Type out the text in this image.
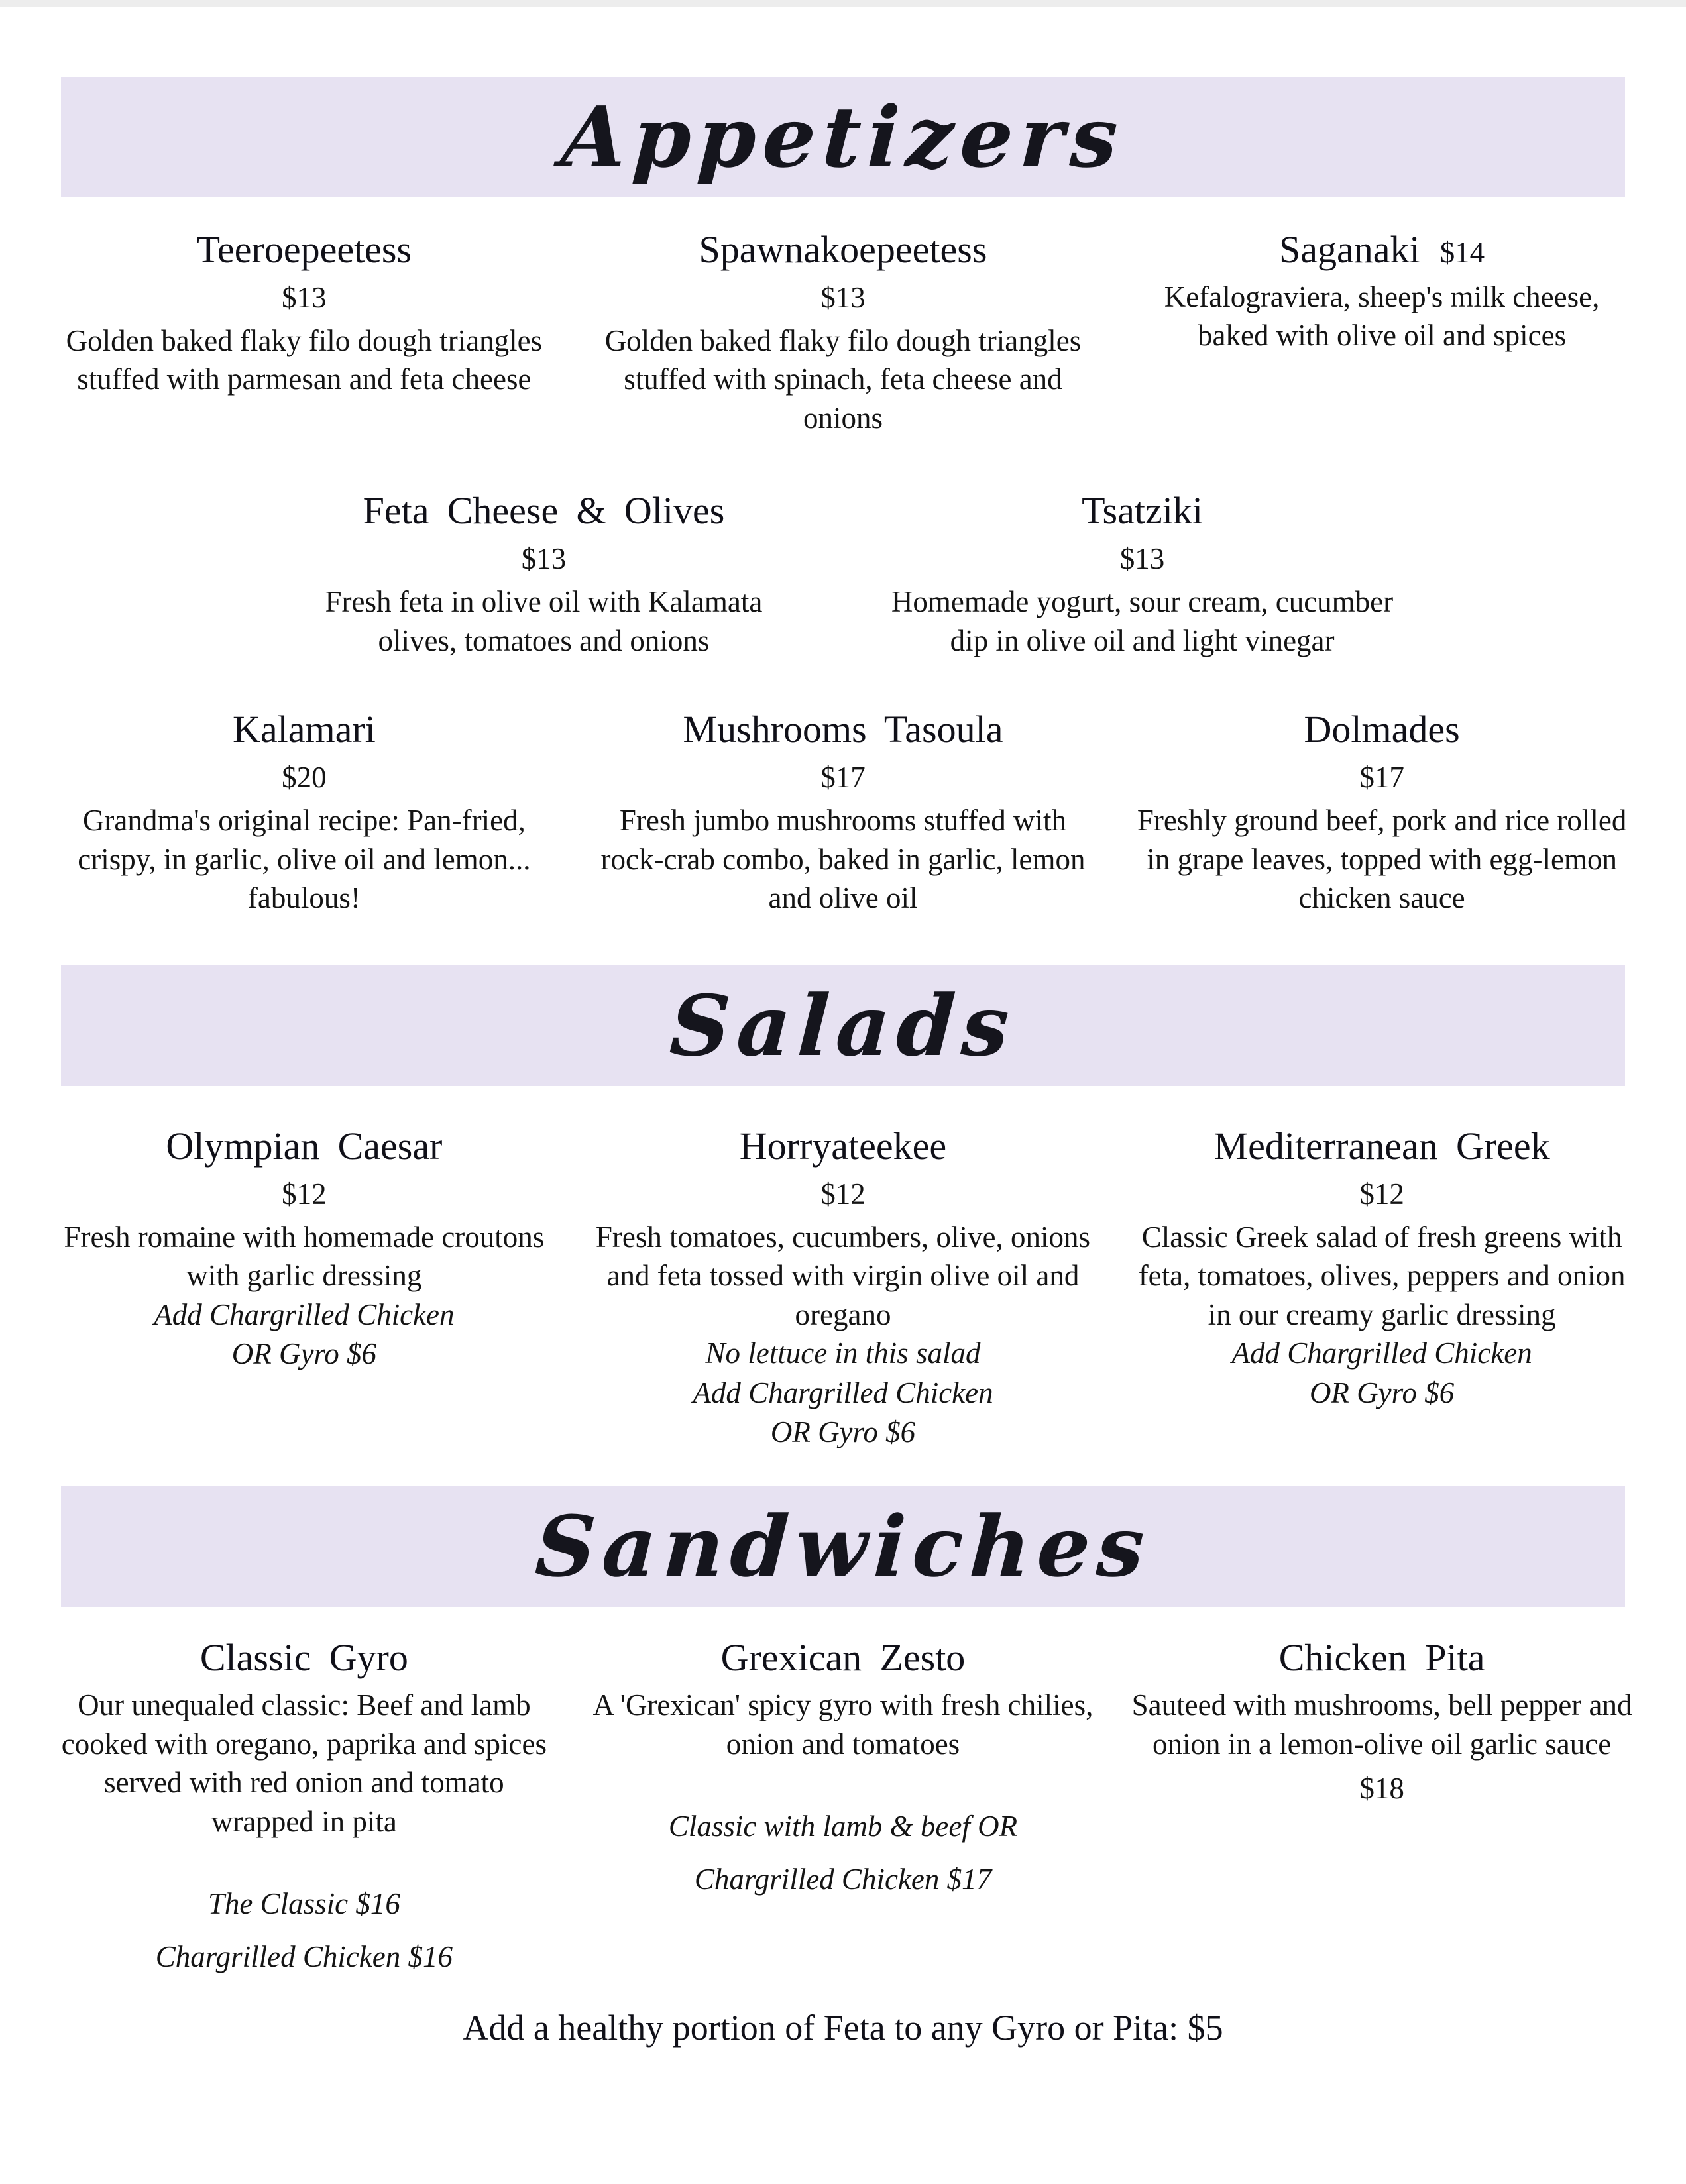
Appetizers
Teeroepeetess
$13
Golden baked flaky filo dough triangles stuffed with parmesan and feta cheese
Spawnakoepeetess
$13
Golden baked flaky filo dough triangles stuffed with spinach, feta cheese and onions
Saganaki $14
Kefalograviera, sheep's milk cheese, baked with olive oil and spices
Feta Cheese & Olives
$13
Fresh feta in olive oil with Kalamata olives, tomatoes and onions
Tsatziki
$13
Homemade yogurt, sour cream, cucumber dip in olive oil and light vinegar
Kalamari
$20
Grandma's original recipe: Pan-fried, crispy, in garlic, olive oil and lemon... fabulous!
Mushrooms Tasoula
$17
Fresh jumbo mushrooms stuffed with rock-crab combo, baked in garlic, lemon and olive oil
Dolmades
$17
Freshly ground beef, pork and rice rolled in grape leaves, topped with egg-lemon chicken sauce
Salads
Olympian Caesar
$12
Fresh romaine with homemade croutons with garlic dressing
Add Chargrilled Chicken
OR Gyro $6
Horryateekee
$12
Fresh tomatoes, cucumbers, olive, onions and feta tossed with virgin olive oil and oregano
No lettuce in this salad
Add Chargrilled Chicken
OR Gyro $6
Mediterranean Greek
$12
Classic Greek salad of fresh greens with feta, tomatoes, olives, peppers and onion in our creamy garlic dressing
Add Chargrilled Chicken
OR Gyro $6
Sandwiches
Classic Gyro
Our unequaled classic: Beef and lamb cooked with oregano, paprika and spices served with red onion and tomato wrapped in pita
The Classic $16
Chargrilled Chicken $16
Grexican Zesto
A 'Grexican' spicy gyro with fresh chilies, onion and tomatoes
Classic with lamb & beef OR
Chargrilled Chicken $17
Chicken Pita
Sauteed with mushrooms, bell pepper and onion in a lemon-olive oil garlic sauce
$18
Add a healthy portion of Feta to any Gyro or Pita: $5
